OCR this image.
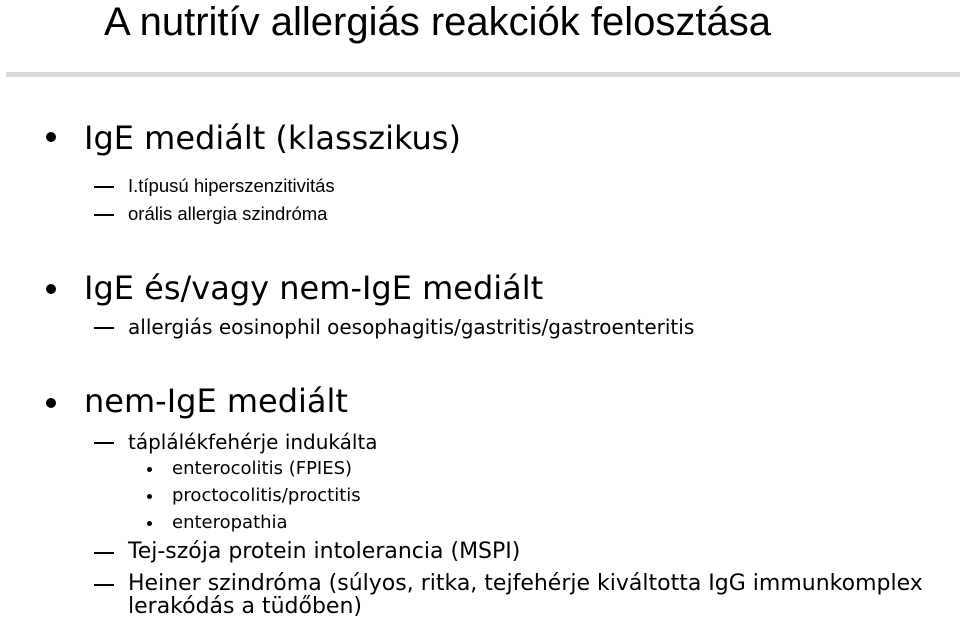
A nutritív allergiás reakciók felosztása
IgE mediált (klasszikus)
I.típusú hiperszenzitivitás
orális allergia szindróma
IgE és/vagy nem-IgE mediált
allergiás eosinophil oesophagitis/gastritis/gastroenteritis
nem-IgE mediált
táplálékfehérje indukálta
enterocolitis (FPIES)
proctocolitis/proctitis
enteropathia
Tej-szója protein intolerancia (MSPI)
Heiner szindróma (súlyos, ritka, tejfehérje kiváltotta IgG immunkomplex
lerakódás a tüdőben)
